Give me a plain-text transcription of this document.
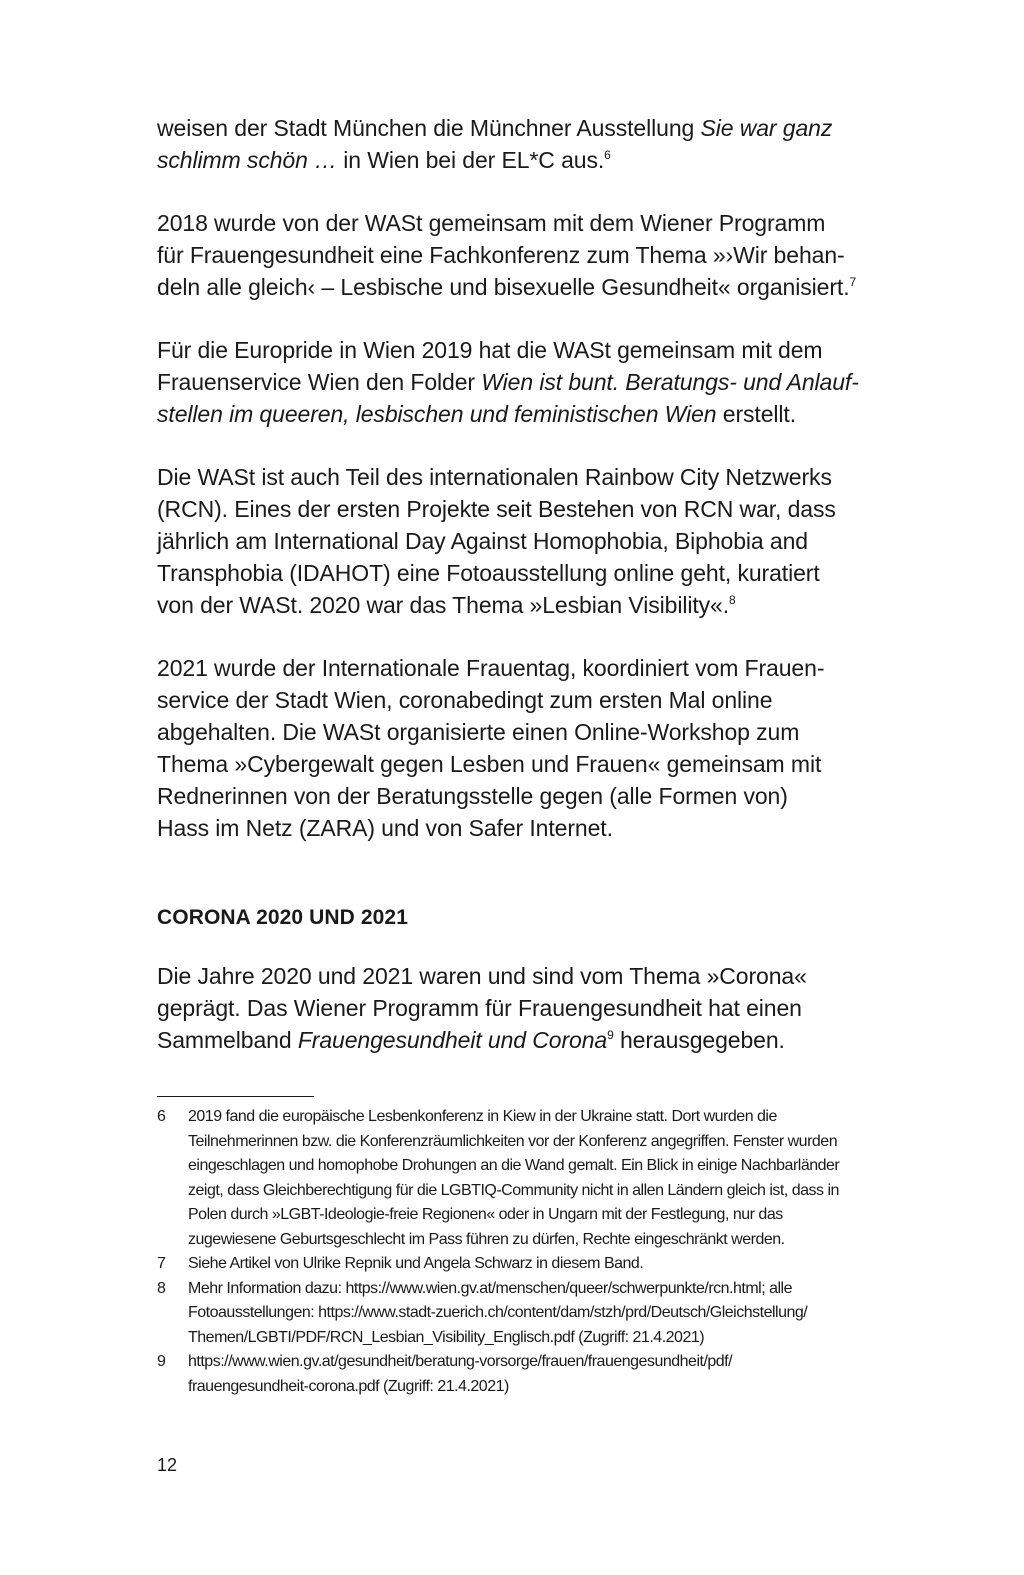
weisen der Stadt München die Münchner Ausstellung Sie war ganz
schlimm schön … in Wien bei der EL*C aus.$^6$

2018 wurde von der WASt gemeinsam mit dem Wiener Programm
für Frauengesundheit eine Fachkonferenz zum Thema »›Wir behan-
deln alle gleich‹ – Lesbische und bisexuelle Gesundheit« organisiert.$^7$

Für die Europride in Wien 2019 hat die WASt gemeinsam mit dem
Frauenservice Wien den Folder Wien ist bunt. Beratungs- und Anlauf-
stellen im queeren, lesbischen und feministischen Wien erstellt.

Die WASt ist auch Teil des internationalen Rainbow City Netzwerks
(RCN). Eines der ersten Projekte seit Bestehen von RCN war, dass
jährlich am International Day Against Homophobia, Biphobia and
Transphobia (IDAHOT) eine Fotoausstellung online geht, kuratiert
von der WASt. 2020 war das Thema »Lesbian Visibility«.$^8$

2021 wurde der Internationale Frauentag, koordiniert vom Frauen-
service der Stadt Wien, coronabedingt zum ersten Mal online
abgehalten. Die WASt organisierte einen Online-Workshop zum
Thema »Cybergewalt gegen Lesben und Frauen« gemeinsam mit
Rednerinnen von der Beratungsstelle gegen (alle Formen von)
Hass im Netz (ZARA) und von Safer Internet.

CORONA 2020 UND 2021

Die Jahre 2020 und 2021 waren und sind vom Thema »Corona«
geprägt. Das Wiener Programm für Frauengesundheit hat einen
Sammelband Frauengesundheit und Corona$^9$ herausgegeben.

6	2019 fand die europäische Lesbenkonferenz in Kiew in der Ukraine statt. Dort wurden die
Teilnehmerinnen bzw. die Konferenzräumlichkeiten vor der Konferenz angegriffen. Fenster wurden
eingeschlagen und homophobe Drohungen an die Wand gemalt. Ein Blick in einige Nachbarländer
zeigt, dass Gleichberechtigung für die LGBTIQ-Community nicht in allen Ländern gleich ist, dass in
Polen durch »LGBT-Ideologie-freie Regionen« oder in Ungarn mit der Festlegung, nur das
zugewiesene Geburtsgeschlecht im Pass führen zu dürfen, Rechte eingeschränkt werden.
7	Siehe Artikel von Ulrike Repnik und Angela Schwarz in diesem Band.
8	Mehr Information dazu: https://www.wien.gv.at/menschen/queer/schwerpunkte/rcn.html; alle
Fotoausstellungen: https://www.stadt-zuerich.ch/content/dam/stzh/prd/Deutsch/Gleichstellung/
Themen/LGBTI/PDF/RCN_Lesbian_Visibility_Englisch.pdf (Zugriff: 21.4.2021)
9	https://www.wien.gv.at/gesundheit/beratung-vorsorge/frauen/frauengesundheit/pdf/
frauengesundheit-corona.pdf (Zugriff: 21.4.2021)
12
